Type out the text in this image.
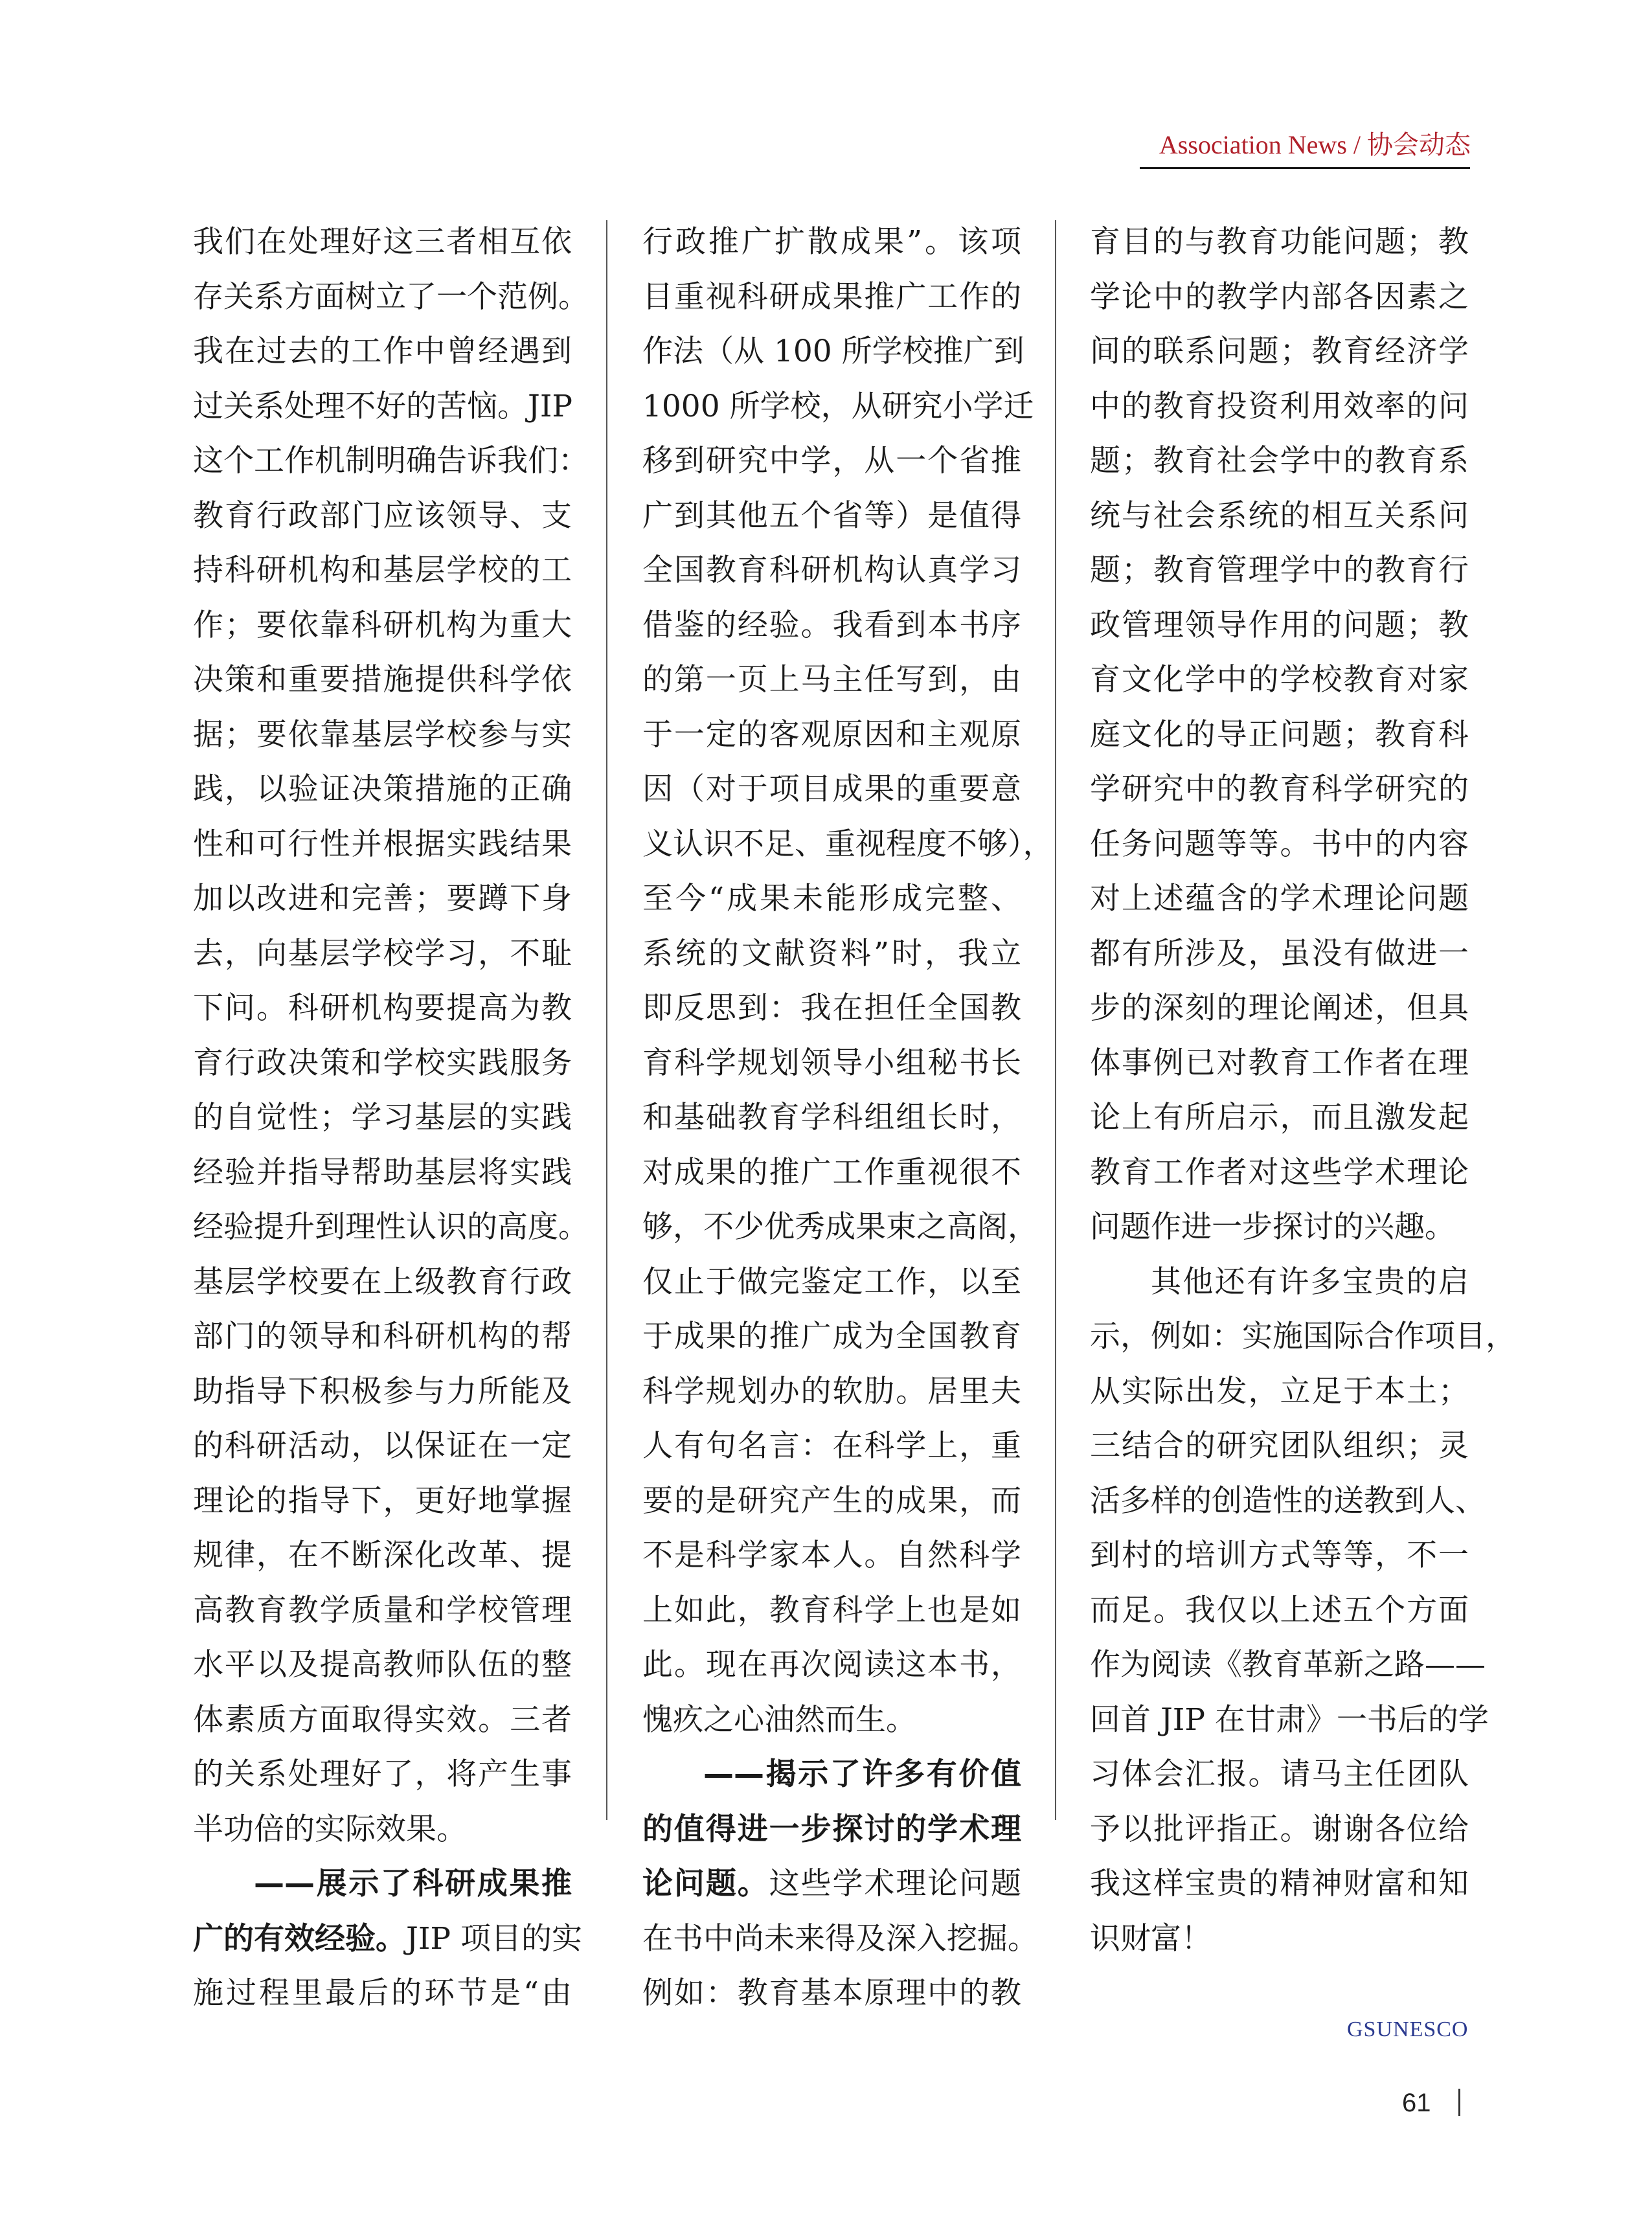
Association News / 协会动态
我们在处理好这三者相互依
存关系方面树立了一个范例。
我在过去的工作中曾经遇到
过关系处理不好的苦恼。JIP
这个工作机制明确告诉我们：
教育行政部门应该领导、支
持科研机构和基层学校的工
作；要依靠科研机构为重大
决策和重要措施提供科学依
据；要依靠基层学校参与实
践，以验证决策措施的正确
性和可行性并根据实践结果
加以改进和完善；要蹲下身
去，向基层学校学习，不耻
下问。科研机构要提高为教
育行政决策和学校实践服务
的自觉性；学习基层的实践
经验并指导帮助基层将实践
经验提升到理性认识的高度。
基层学校要在上级教育行政
部门的领导和科研机构的帮
助指导下积极参与力所能及
的科研活动，以保证在一定
理论的指导下，更好地掌握
规律，在不断深化改革、提
高教育教学质量和学校管理
水平以及提高教师队伍的整
体素质方面取得实效。三者
的关系处理好了，将产生事
半功倍的实际效果。
——展示了科研成果推
广的有效经验。JIP 项目的实
施过程里最后的环节是“由
行政推广扩散成果”。该项
目重视科研成果推广工作的
作法（从 100 所学校推广到
1000 所学校，从研究小学迁
移到研究中学，从一个省推
广到其他五个省等）是值得
全国教育科研机构认真学习
借鉴的经验。我看到本书序
的第一页上马主任写到，由
于一定的客观原因和主观原
因（对于项目成果的重要意
义认识不足、重视程度不够），
至今“成果未能形成完整、
系统的文献资料”时，我立
即反思到：我在担任全国教
育科学规划领导小组秘书长
和基础教育学科组组长时，
对成果的推广工作重视很不
够，不少优秀成果束之高阁，
仅止于做完鉴定工作，以至
于成果的推广成为全国教育
科学规划办的软肋。居里夫
人有句名言：在科学上，重
要的是研究产生的成果，而
不是科学家本人。自然科学
上如此，教育科学上也是如
此。现在再次阅读这本书，
愧疚之心油然而生。
——揭示了许多有价值
的值得进一步探讨的学术理
论问题。这些学术理论问题
在书中尚未来得及深入挖掘。
例如：教育基本原理中的教
育目的与教育功能问题；教
学论中的教学内部各因素之
间的联系问题；教育经济学
中的教育投资利用效率的问
题；教育社会学中的教育系
统与社会系统的相互关系问
题；教育管理学中的教育行
政管理领导作用的问题；教
育文化学中的学校教育对家
庭文化的导正问题；教育科
学研究中的教育科学研究的
任务问题等等。书中的内容
对上述蕴含的学术理论问题
都有所涉及，虽没有做进一
步的深刻的理论阐述，但具
体事例已对教育工作者在理
论上有所启示，而且激发起
教育工作者对这些学术理论
问题作进一步探讨的兴趣。
其他还有许多宝贵的启
示，例如：实施国际合作项目，
从实际出发，立足于本土；
三结合的研究团队组织；灵
活多样的创造性的送教到人、
到村的培训方式等等，不一
而足。我仅以上述五个方面
作为阅读《教育革新之路——
回首 JIP 在甘肃》一书后的学
习体会汇报。请马主任团队
予以批评指正。谢谢各位给
我这样宝贵的精神财富和知
识财富！
GSUNESCO
61
